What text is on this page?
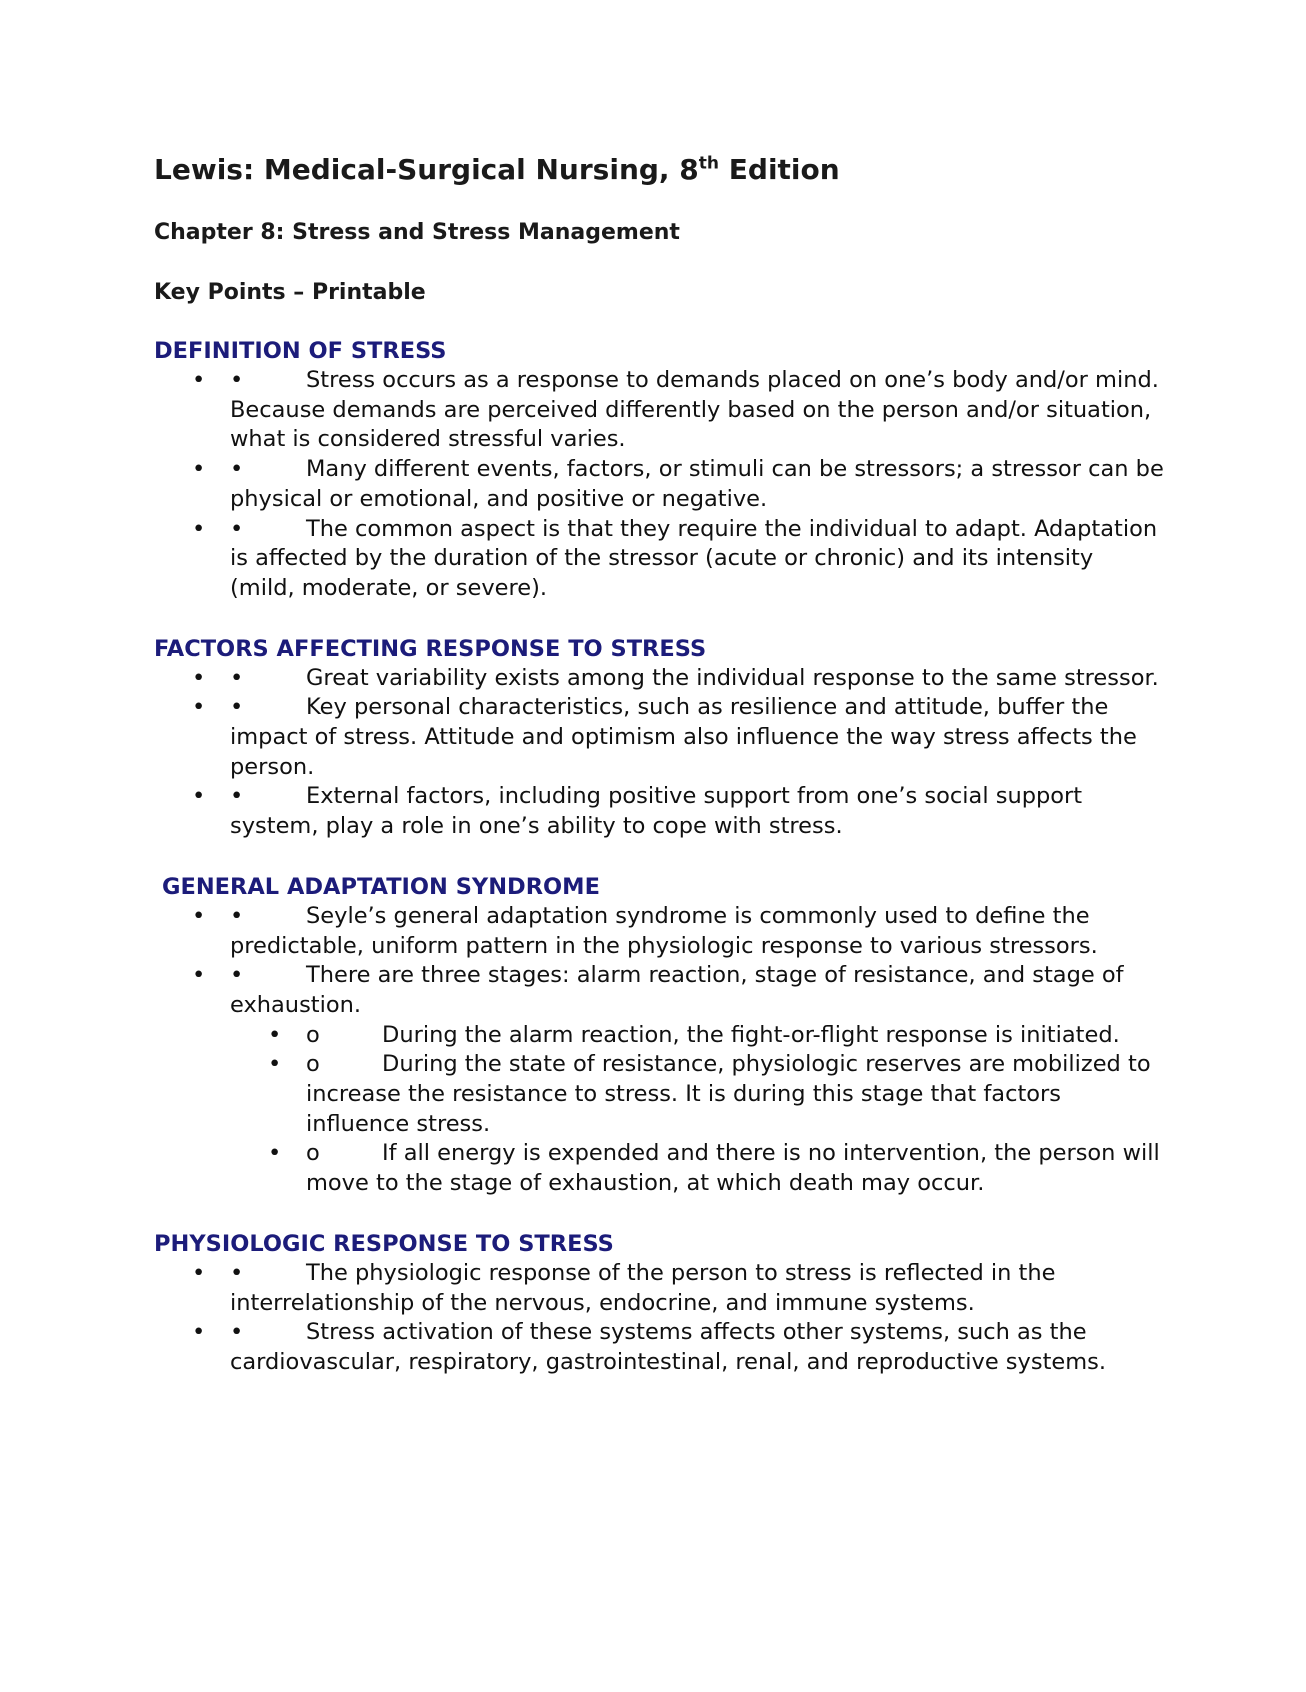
Lewis: Medical-Surgical Nursing, 8th Edition
Chapter 8: Stress and Stress Management
Key Points – Printable
DEFINITION OF STRESS
• •	Stress occurs as a response to demands placed on one’s body and/or mind. Because demands are perceived differently based on the person and/or situation, what is considered stressful varies.
• •	Many different events, factors, or stimuli can be stressors; a stressor can be physical or emotional, and positive or negative.
• •	The common aspect is that they require the individual to adapt. Adaptation is affected by the duration of the stressor (acute or chronic) and its intensity (mild, moderate, or severe).
FACTORS AFFECTING RESPONSE TO STRESS
• •	Great variability exists among the individual response to the same stressor.
• •	Key personal characteristics, such as resilience and attitude, buffer the impact of stress. Attitude and optimism also influence the way stress affects the person.
• •	External factors, including positive support from one’s social support system, play a role in one’s ability to cope with stress.
GENERAL ADAPTATION SYNDROME
• •	Seyle’s general adaptation syndrome is commonly used to define the predictable, uniform pattern in the physiologic response to various stressors.
• •	There are three stages: alarm reaction, stage of resistance, and stage of exhaustion.
• o	During the alarm reaction, the fight-or-flight response is initiated.
• o	During the state of resistance, physiologic reserves are mobilized to increase the resistance to stress. It is during this stage that factors influence stress.
• o	If all energy is expended and there is no intervention, the person will move to the stage of exhaustion, at which death may occur.
PHYSIOLOGIC RESPONSE TO STRESS
• •	The physiologic response of the person to stress is reflected in the interrelationship of the nervous, endocrine, and immune systems.
• •	Stress activation of these systems affects other systems, such as the cardiovascular, respiratory, gastrointestinal, renal, and reproductive systems.
